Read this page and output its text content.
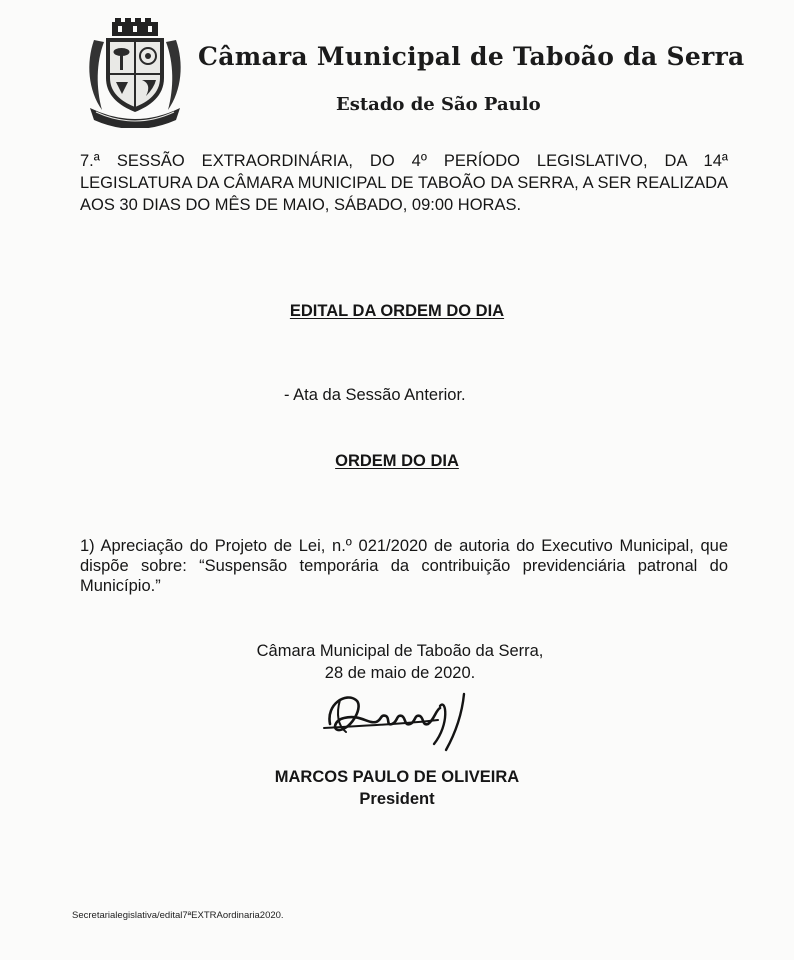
Câmara Municipal de Taboão da Serra
Estado de São Paulo
7.ª SESSÃO EXTRAORDINÁRIA, DO 4º PERÍODO LEGISLATIVO, DA 14ª LEGISLATURA DA CÂMARA MUNICIPAL DE TABOÃO DA SERRA, A SER REALIZADA AOS 30 DIAS DO MÊS DE MAIO, SÁBADO, 09:00 HORAS.
EDITAL DA ORDEM DO DIA
- Ata da Sessão Anterior.
ORDEM DO DIA
1) Apreciação do Projeto de Lei, n.º 021/2020 de autoria do Executivo Municipal, que dispõe sobre: “Suspensão temporária da contribuição previdenciária patronal do Município.”
Câmara Municipal de Taboão da Serra,
28 de maio de 2020.
MARCOS PAULO DE OLIVEIRA
President
Secretarialegislativa/edital7ªEXTRAordinaria2020.
